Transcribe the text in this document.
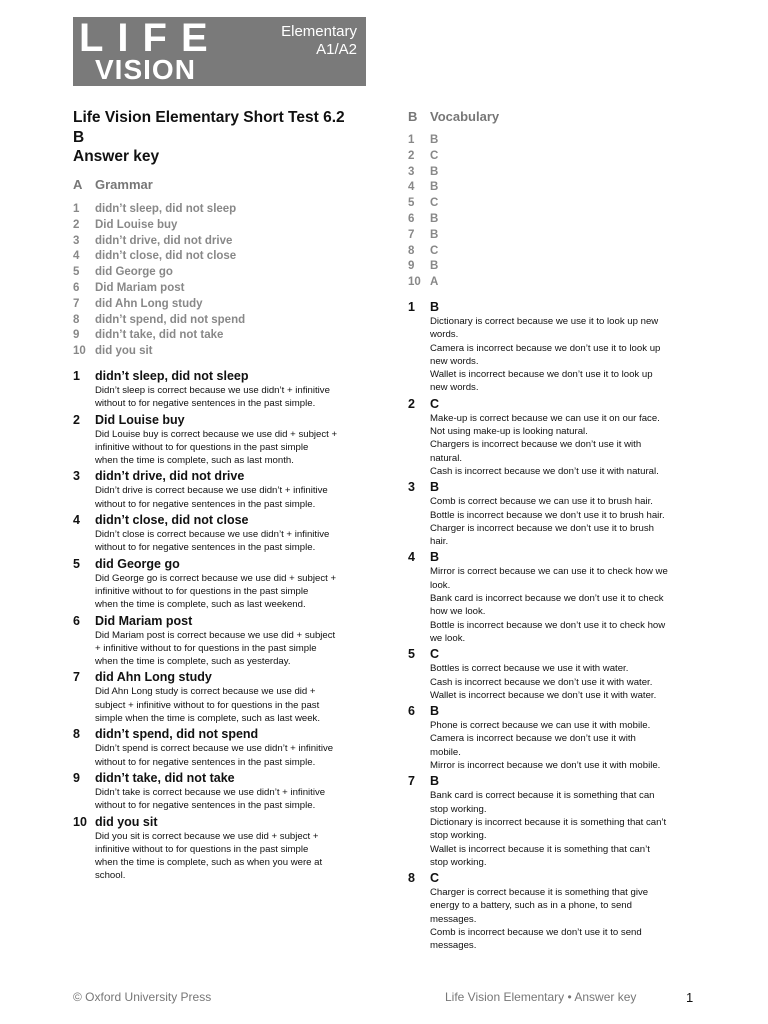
LIFE
VISION
Elementary
A1/A2
Life Vision Elementary Short Test 6.2
B
Answer key
A Grammar
1 didn’t sleep, did not sleep
2 Did Louise buy
3 didn’t drive, did not drive
4 didn’t close, did not close
5 did George go
6 Did Mariam post
7 did Ahn Long study
8 didn’t spend, did not spend
9 didn’t take, did not take
10 did you sit
1 didn’t sleep, did not sleep
Didn’t sleep is correct because we use didn’t + infinitive
without to for negative sentences in the past simple.
2 Did Louise buy
Did Louise buy is correct because we use did + subject +
infinitive without to for questions in the past simple
when the time is complete, such as last month.
3 didn’t drive, did not drive
Didn’t drive is correct because we use didn’t + infinitive
without to for negative sentences in the past simple.
4 didn’t close, did not close
Didn’t close is correct because we use didn’t + infinitive
without to for negative sentences in the past simple.
5 did George go
Did George go is correct because we use did + subject +
infinitive without to for questions in the past simple
when the time is complete, such as last weekend.
6 Did Mariam post
Did Mariam post is correct because we use did + subject
+ infinitive without to for questions in the past simple
when the time is complete, such as yesterday.
7 did Ahn Long study
Did Ahn Long study is correct because we use did +
subject + infinitive without to for questions in the past
simple when the time is complete, such as last week.
8 didn’t spend, did not spend
Didn’t spend is correct because we use didn’t + infinitive
without to for negative sentences in the past simple.
9 didn’t take, did not take
Didn’t take is correct because we use didn’t + infinitive
without to for negative sentences in the past simple.
10 did you sit
Did you sit is correct because we use did + subject +
infinitive without to for questions in the past simple
when the time is complete, such as when you were at
school.
B Vocabulary
1 B
2 C
3 B
4 B
5 C
6 B
7 B
8 C
9 B
10 A
1 B
Dictionary is correct because we use it to look up new
words.
Camera is incorrect because we don’t use it to look up
new words.
Wallet is incorrect because we don’t use it to look up
new words.
2 C
Make-up is correct because we can use it on our face.
Not using make-up is looking natural.
Chargers is incorrect because we don’t use it with
natural.
Cash is incorrect because we don’t use it with natural.
3 B
Comb is correct because we can use it to brush hair.
Bottle is incorrect because we don’t use it to brush hair.
Charger is incorrect because we don’t use it to brush
hair.
4 B
Mirror is correct because we can use it to check how we
look.
Bank card is incorrect because we don’t use it to check
how we look.
Bottle is incorrect because we don’t use it to check how
we look.
5 C
Bottles is correct because we use it with water.
Cash is incorrect because we don’t use it with water.
Wallet is incorrect because we don’t use it with water.
6 B
Phone is correct because we can use it with mobile.
Camera is incorrect because we don’t use it with
mobile.
Mirror is incorrect because we don’t use it with mobile.
7 B
Bank card is correct because it is something that can
stop working.
Dictionary is incorrect because it is something that can’t
stop working.
Wallet is incorrect because it is something that can’t
stop working.
8 C
Charger is correct because it is something that give
energy to a battery, such as in a phone, to send
messages.
Comb is incorrect because we don’t use it to send
messages.
© Oxford University Press	Life Vision Elementary • Answer key	1
